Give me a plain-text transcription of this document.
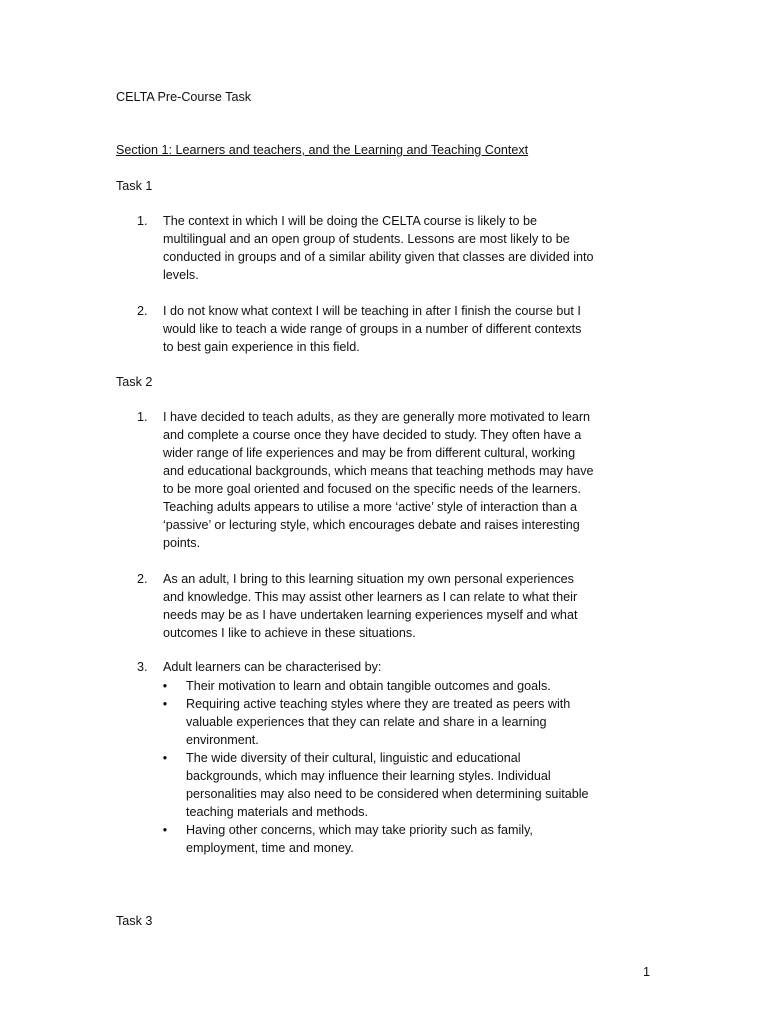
CELTA Pre-Course Task
Section 1: Learners and teachers, and the Learning and Teaching Context
Task 1
1. The context in which I will be doing the CELTA course is likely to be
multilingual and an open group of students. Lessons are most likely to be
conducted in groups and of a similar ability given that classes are divided into
levels.
2. I do not know what context I will be teaching in after I finish the course but I
would like to teach a wide range of groups in a number of different contexts
to best gain experience in this field.
Task 2
1. I have decided to teach adults, as they are generally more motivated to learn
and complete a course once they have decided to study. They often have a
wider range of life experiences and may be from different cultural, working
and educational backgrounds, which means that teaching methods may have
to be more goal oriented and focused on the specific needs of the learners.
Teaching adults appears to utilise a more ‘active’ style of interaction than a
‘passive’ or lecturing style, which encourages debate and raises interesting
points.
2. As an adult, I bring to this learning situation my own personal experiences
and knowledge. This may assist other learners as I can relate to what their
needs may be as I have undertaken learning experiences myself and what
outcomes I like to achieve in these situations.
3. Adult learners can be characterised by:
• Their motivation to learn and obtain tangible outcomes and goals.
• Requiring active teaching styles where they are treated as peers with
valuable experiences that they can relate and share in a learning
environment.
• The wide diversity of their cultural, linguistic and educational
backgrounds, which may influence their learning styles. Individual
personalities may also need to be considered when determining suitable
teaching materials and methods.
• Having other concerns, which may take priority such as family,
employment, time and money.
Task 3
1
